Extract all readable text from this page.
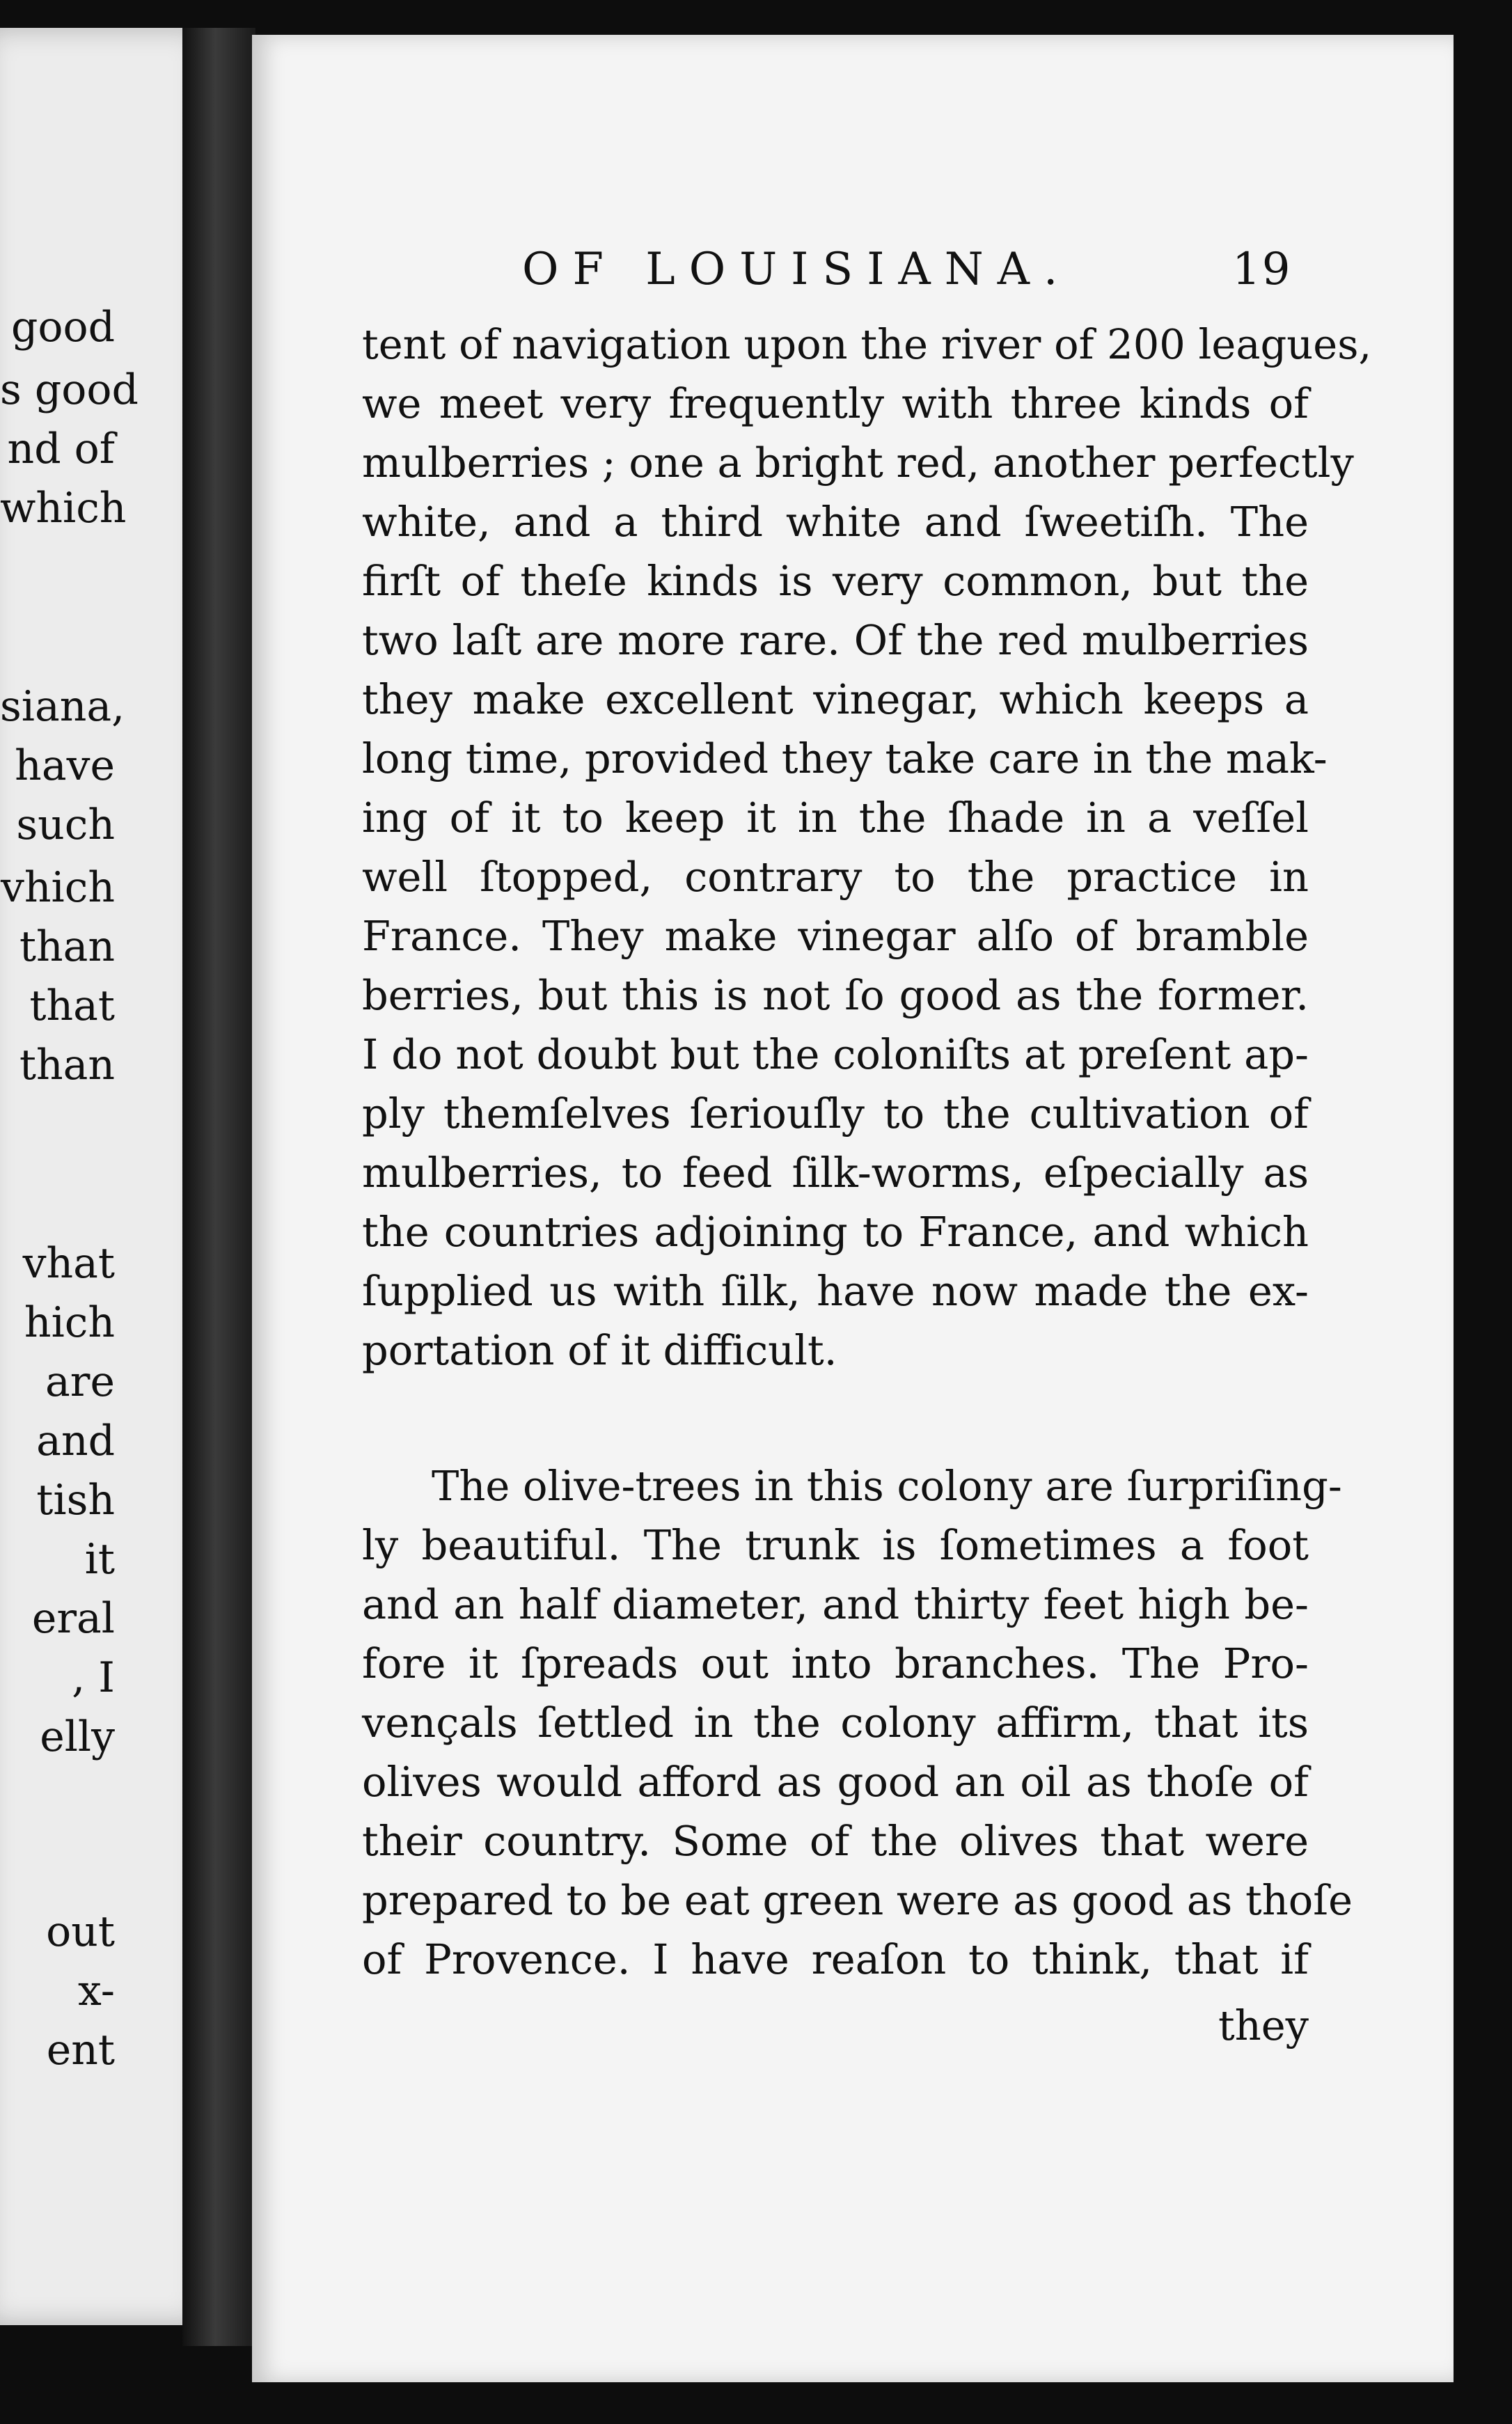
good
s good
nd of
which
siana,
have
such
vhich
than
that
than
vhat
hich
are
and
tish
it
eral
, I
elly
out
x-
ent
OF LOUISIANA.	19
tent of navigation upon the river of 200 leagues,
we meet very frequently with three kinds of
mulberries ; one a bright red, another perfectly
white, and a third white and ſweetiſh. The
firſt of theſe kinds is very common, but the
two laſt are more rare. Of the red mulberries
they make excellent vinegar, which keeps a
long time, provided they take care in the mak-
ing of it to keep it in the ſhade in a veſſel
well ſtopped, contrary to the practice in
France. They make vinegar alſo of bramble
berries, but this is not ſo good as the former.
I do not doubt but the coloniſts at preſent ap-
ply themſelves ſeriouſly to the cultivation of
mulberries, to feed ſilk-worms, eſpecially as
the countries adjoining to France, and which
ſupplied us with ſilk, have now made the ex-
portation of it difficult.
The olive-trees in this colony are ſurpriſing-
ly beautiful. The trunk is ſometimes a foot
and an half diameter, and thirty feet high be-
fore it ſpreads out into branches. The Pro-
vençals ſettled in the colony affirm, that its
olives would afford as good an oil as thoſe of
their country. Some of the olives that were
prepared to be eat green were as good as thoſe
of Provence. I have reaſon to think, that if
they
